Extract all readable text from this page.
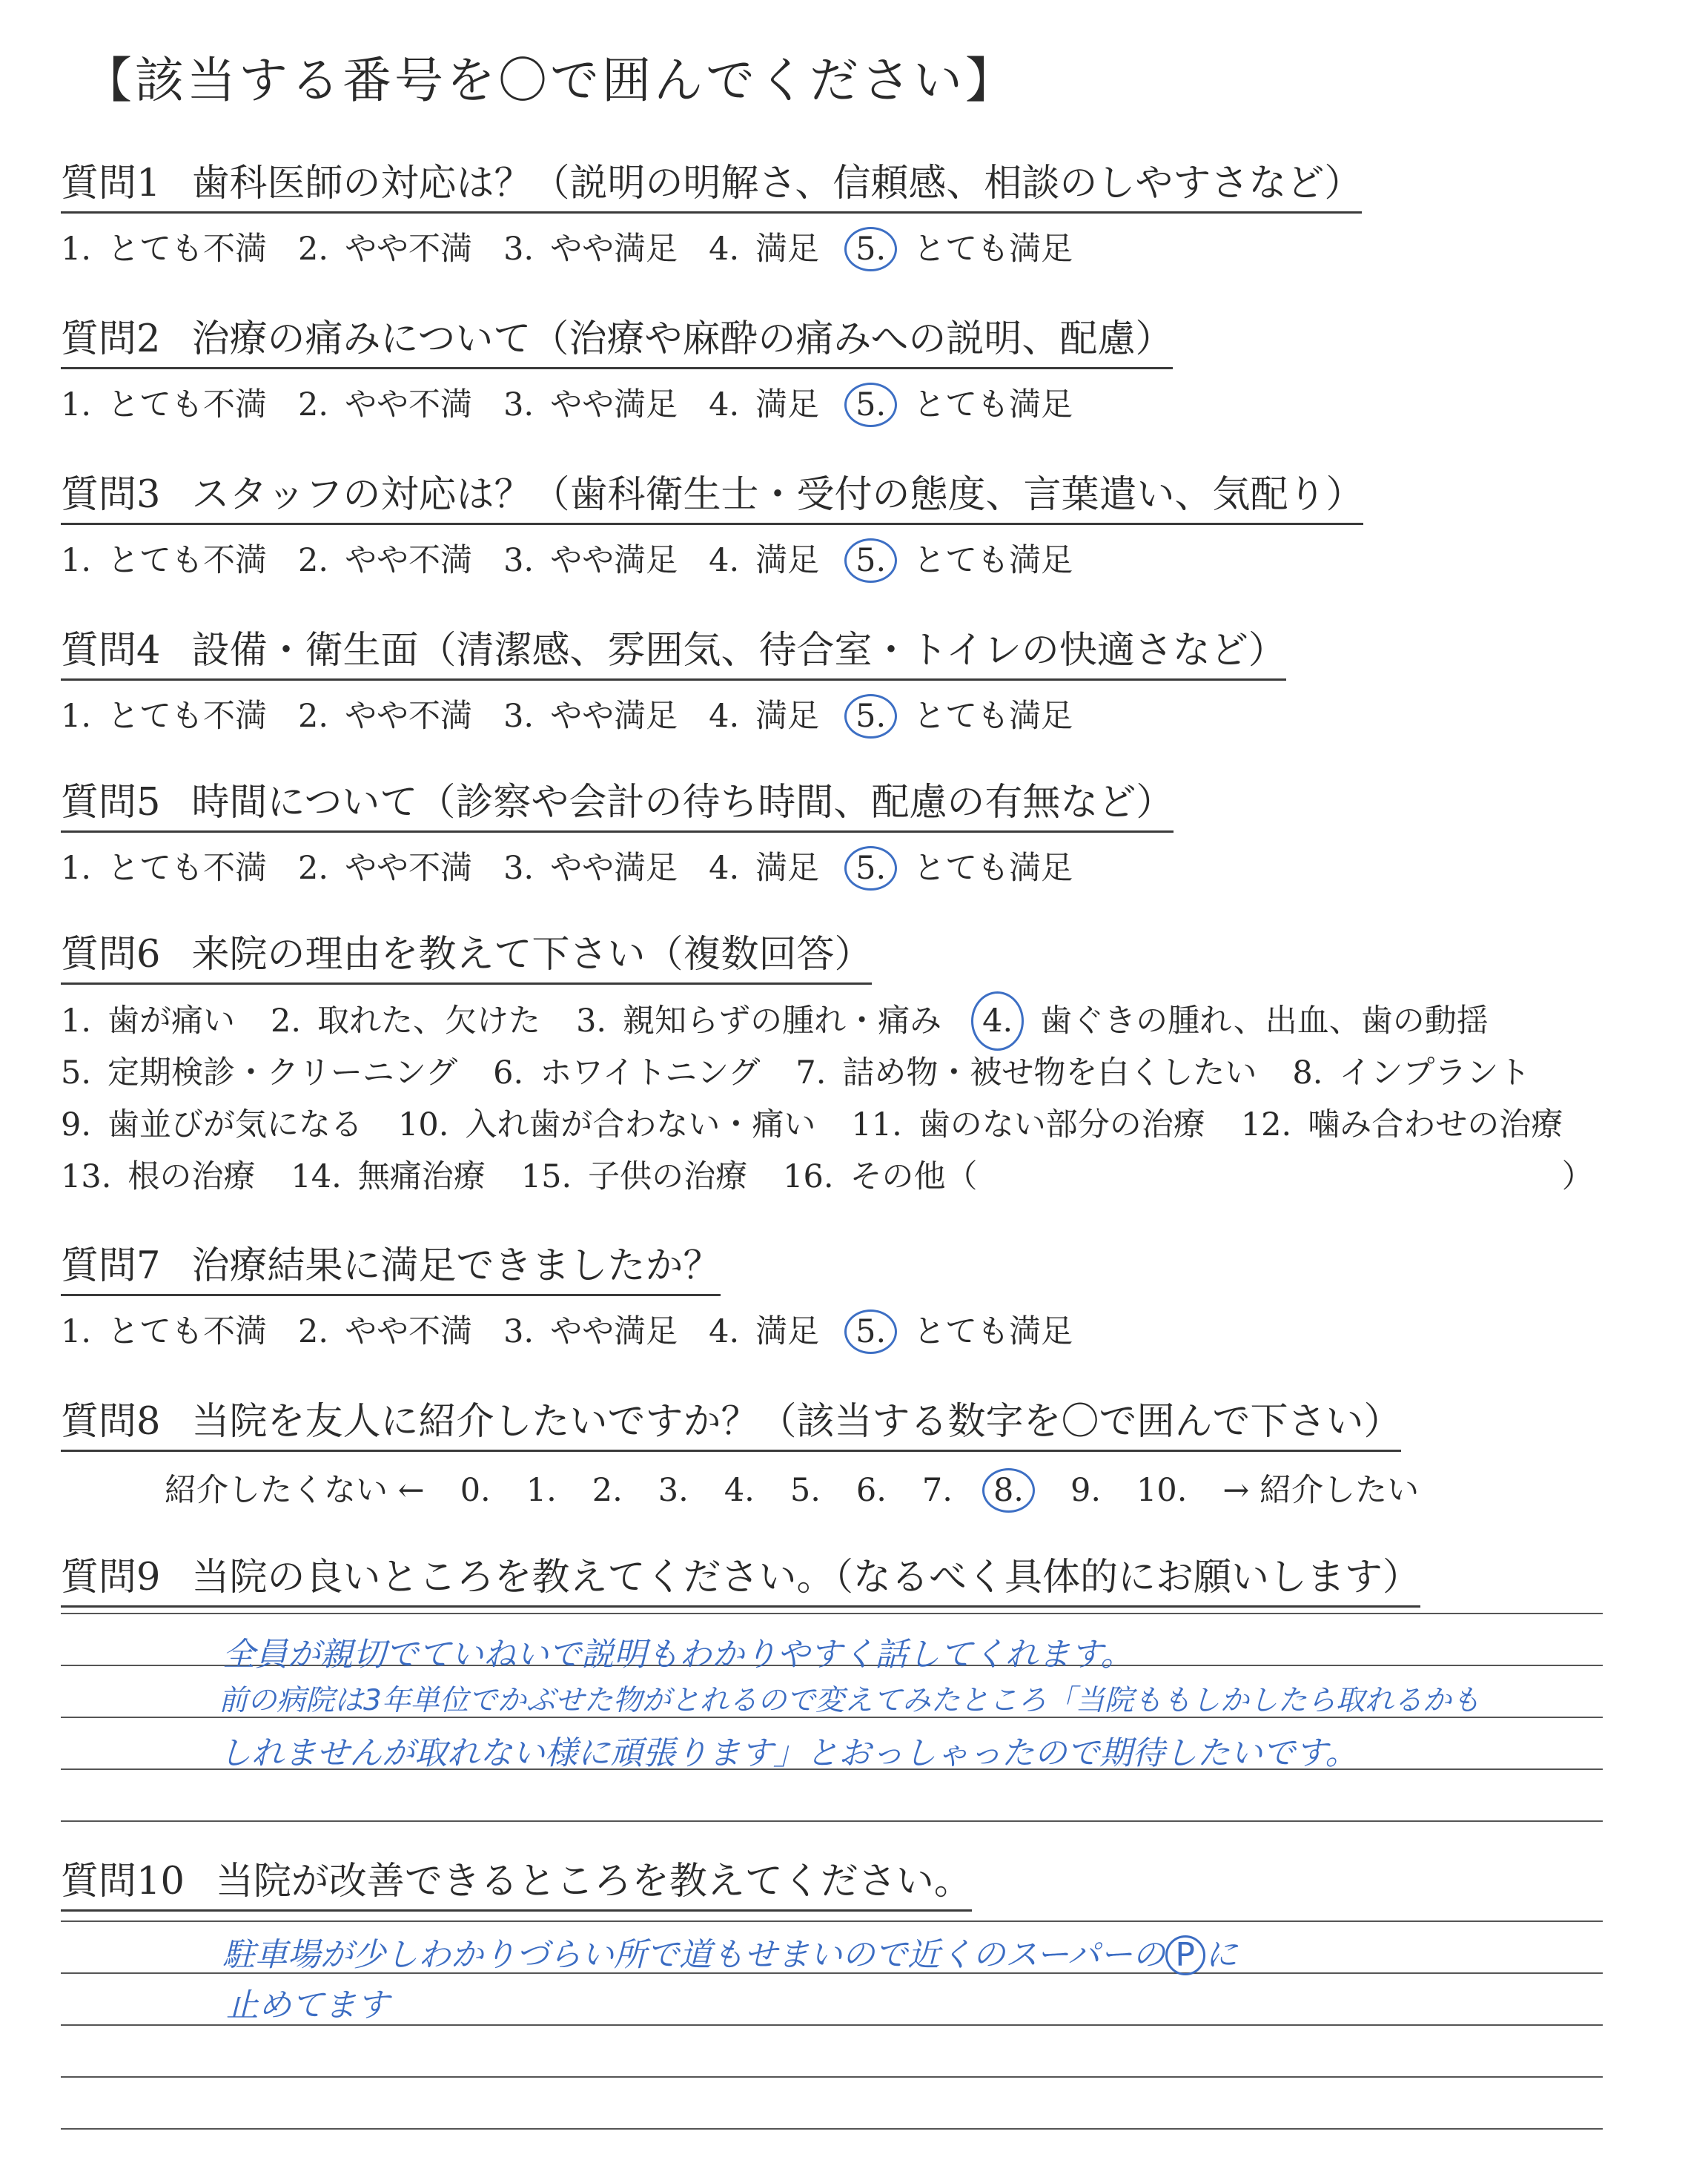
【該当する番号を〇で囲んでください】
質問1 歯科医師の対応は？（説明の明解さ、信頼感、相談のしやすさなど）
1. とても不満 2. やや不満 3. やや満足 4. 満足 5. とても満足
質問2 治療の痛みについて（治療や麻酔の痛みへの説明、配慮）
1. とても不満 2. やや不満 3. やや満足 4. 満足 5. とても満足
質問3 スタッフの対応は？（歯科衛生士・受付の態度、言葉遣い、気配り）
1. とても不満 2. やや不満 3. やや満足 4. 満足 5. とても満足
質問4 設備・衛生面（清潔感、雰囲気、待合室・トイレの快適さなど）
1. とても不満 2. やや不満 3. やや満足 4. 満足 5. とても満足
質問5 時間について（診察や会計の待ち時間、配慮の有無など）
1. とても不満 2. やや不満 3. やや満足 4. 満足 5. とても満足
質問6 来院の理由を教えて下さい（複数回答）
1. 歯が痛い 2. 取れた、欠けた 3. 親知らずの腫れ・痛み 4. 歯ぐきの腫れ、出血、歯の動揺
5. 定期検診・クリーニング 6. ホワイトニング 7. 詰め物・被せ物を白くしたい 8. インプラント
9. 歯並びが気になる 10. 入れ歯が合わない・痛い 11. 歯のない部分の治療 12. 噛み合わせの治療
13. 根の治療 14. 無痛治療 15. 子供の治療 16. その他（	）
質問7 治療結果に満足できましたか？
1. とても不満 2. やや不満 3. やや満足 4. 満足 5. とても満足
質問8 当院を友人に紹介したいですか？（該当する数字を〇で囲んで下さい）
紹介したくない ← 0. 1. 2. 3. 4. 5. 6. 7. 8. 9. 10. → 紹介したい
質問9 当院の良いところを教えてください。（なるべく具体的にお願いします）
質問10 当院が改善できるところを教えてください。
全員が親切でていねいで説明もわかりやすく話してくれます。
前の病院は3年単位でかぶせた物がとれるので変えてみたところ「当院ももしかしたら取れるかも
しれませんが取れない様に頑張ります」とおっしゃったので期待したいです。
駐車場が少しわかりづらい所で道もせまいので近くのスーパーの P に
止めてます
